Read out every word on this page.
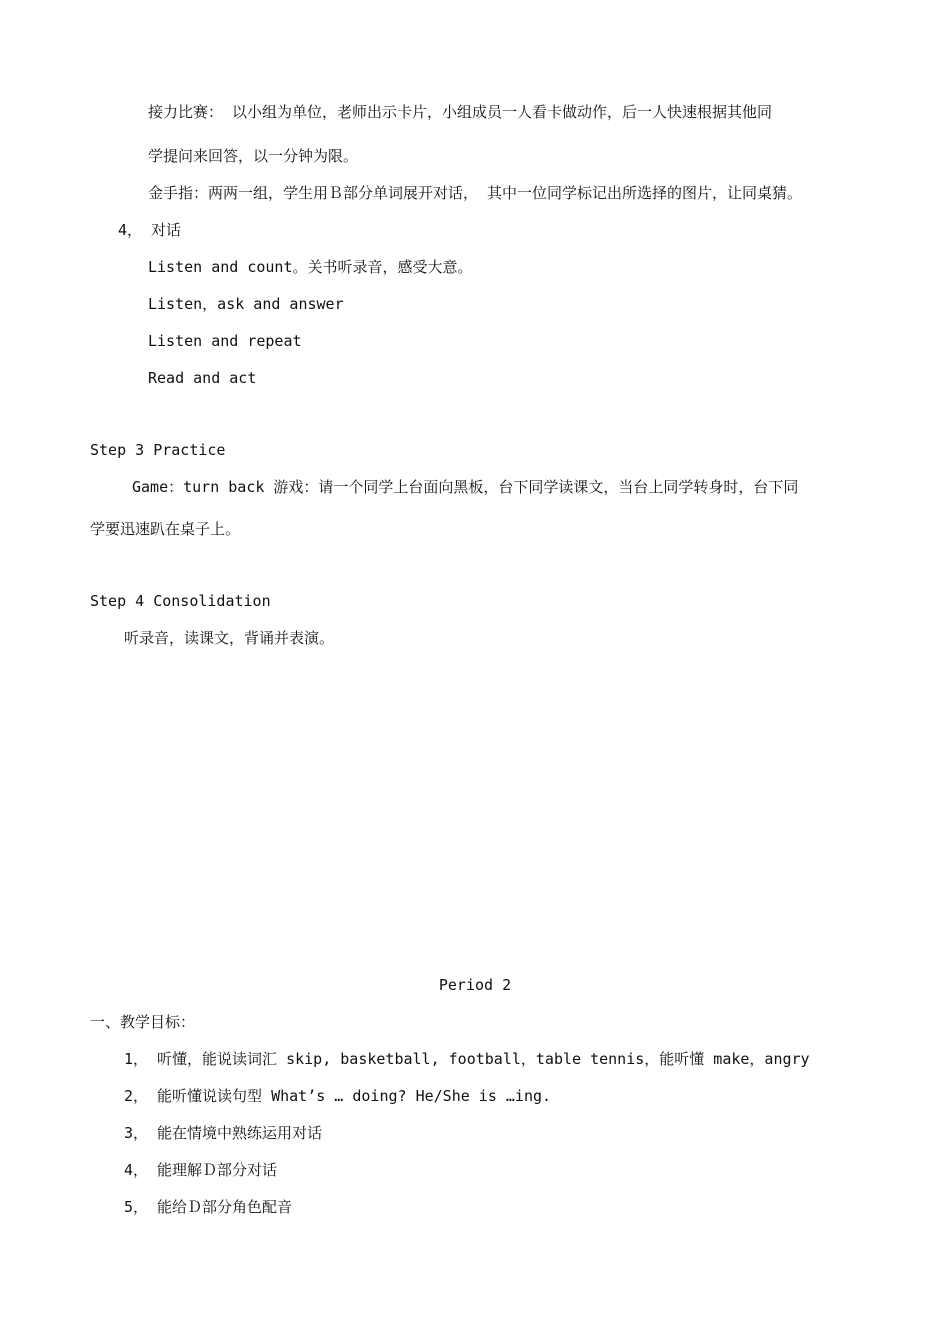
接力比赛： 以小组为单位，老师出示卡片，小组成员一人看卡做动作，后一人快速根据其他同
学提问来回答，以一分钟为限。
金手指：两两一组，学生用Ｂ部分单词展开对话， 其中一位同学标记出所选择的图片，让同桌猜。
4， 对话
Listen and count。关书听录音，感受大意。
Listen，ask and answer
Listen and repeat
Read and act
Step 3 Practice
Game：turn back 游戏：请一个同学上台面向黑板，台下同学读课文，当台上同学转身时，台下同
学要迅速趴在桌子上。
Step 4 Consolidation
听录音，读课文，背诵并表演。
Period 2
一、教学目标：
1， 听懂，能说读词汇 skip, basketball, football，table tennis，能听懂 make，angry
2， 能听懂说读句型 What’s … doing? He/She is …ing.
3， 能在情境中熟练运用对话
4， 能理解Ｄ部分对话
5， 能给Ｄ部分角色配音
